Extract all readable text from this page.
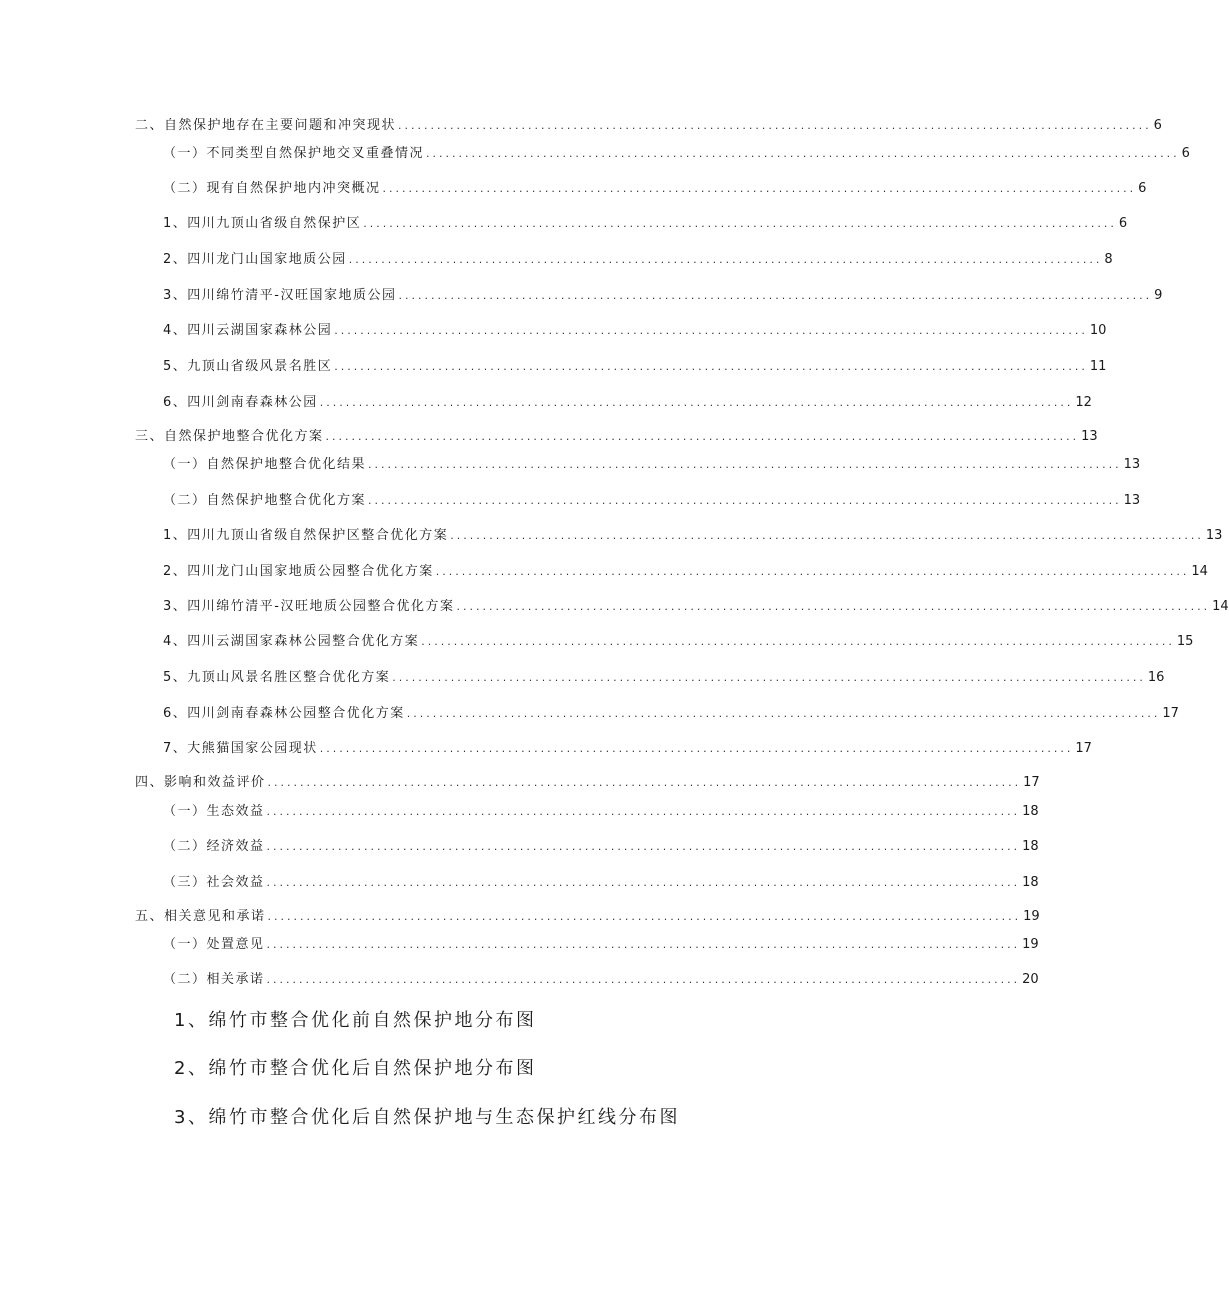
二、自然保护地存在主要问题和冲突现状 .................................................................................................................... 6
（一）不同类型自然保护地交叉重叠情况 .................................................................................................................... 6
（二）现有自然保护地内冲突概况 .................................................................................................................... 6
1、四川九顶山省级自然保护区 .................................................................................................................... 6
2、四川龙门山国家地质公园 .................................................................................................................... 8
3、四川绵竹清平-汉旺国家地质公园 .................................................................................................................... 9
4、四川云湖国家森林公园 .................................................................................................................... 10
5、九顶山省级风景名胜区 .................................................................................................................... 11
6、四川剑南春森林公园 .................................................................................................................... 12
三、自然保护地整合优化方案 .................................................................................................................... 13
（一）自然保护地整合优化结果 .................................................................................................................... 13
（二）自然保护地整合优化方案 .................................................................................................................... 13
1、四川九顶山省级自然保护区整合优化方案 .................................................................................................................... 13
2、四川龙门山国家地质公园整合优化方案 .................................................................................................................... 14
3、四川绵竹清平-汉旺地质公园整合优化方案 .................................................................................................................... 14
4、四川云湖国家森林公园整合优化方案 .................................................................................................................... 15
5、九顶山风景名胜区整合优化方案 .................................................................................................................... 16
6、四川剑南春森林公园整合优化方案 .................................................................................................................... 17
7、大熊猫国家公园现状 .................................................................................................................... 17
四、影响和效益评价 .................................................................................................................... 17
（一）生态效益 .................................................................................................................... 18
（二）经济效益 .................................................................................................................... 18
（三）社会效益 .................................................................................................................... 18
五、相关意见和承诺 .................................................................................................................... 19
（一）处置意见 .................................................................................................................... 19
（二）相关承诺 .................................................................................................................... 20
1、绵竹市整合优化前自然保护地分布图
2、绵竹市整合优化后自然保护地分布图
3、绵竹市整合优化后自然保护地与生态保护红线分布图
